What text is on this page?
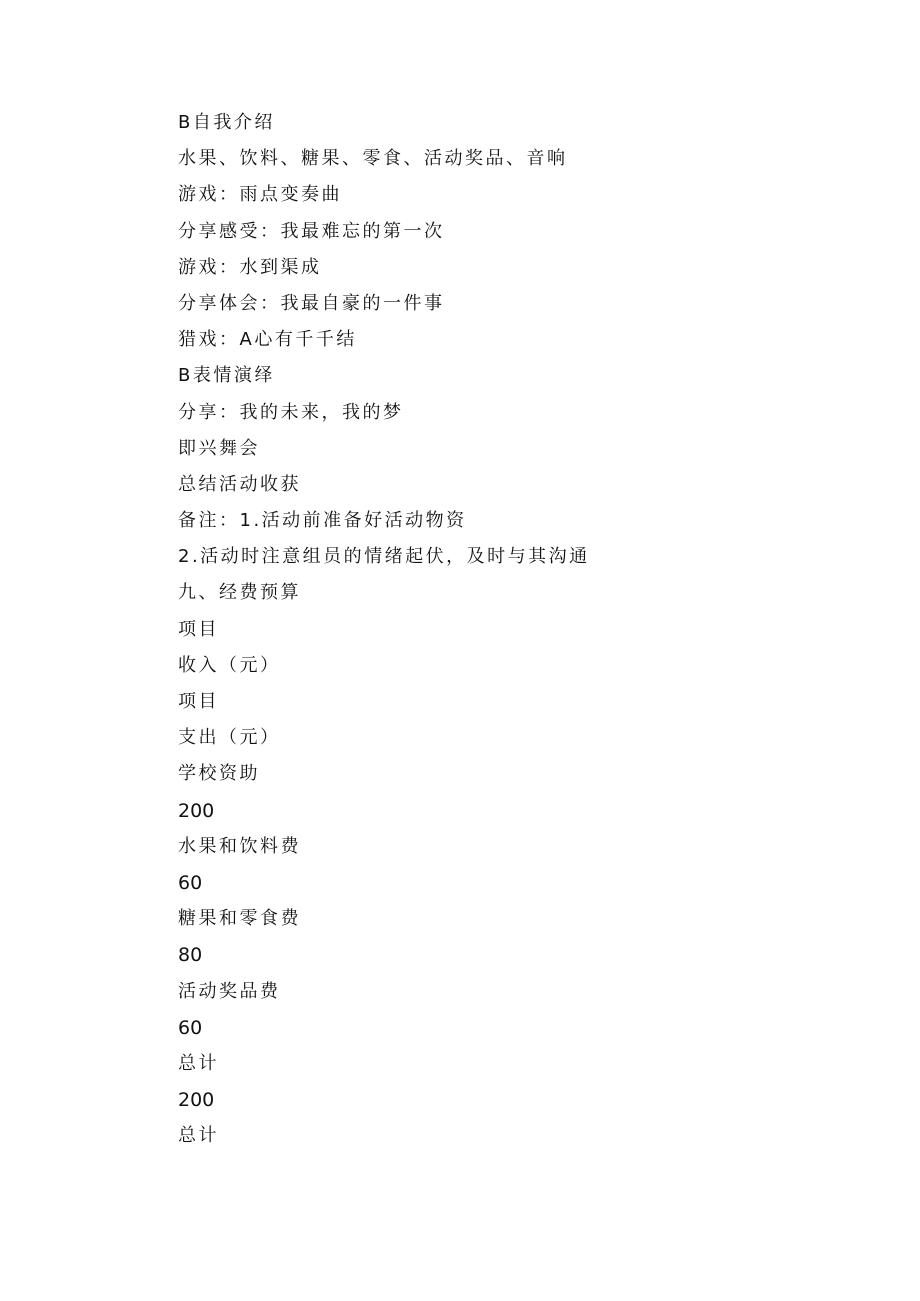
B自我介绍
水果、饮料、糖果、零食、活动奖品、音响
游戏：雨点变奏曲
分享感受：我最难忘的第一次
游戏：水到渠成
分享体会：我最自豪的一件事
猎戏：A心有千千结
B表情演绎
分享：我的未来，我的梦
即兴舞会
总结活动收获
备注：1.活动前准备好活动物资
2.活动时注意组员的情绪起伏，及时与其沟通
九、经费预算
项目
收入（元）
项目
支出（元）
学校资助
200
水果和饮料费
60
糖果和零食费
80
活动奖品费
60
总计
200
总计
